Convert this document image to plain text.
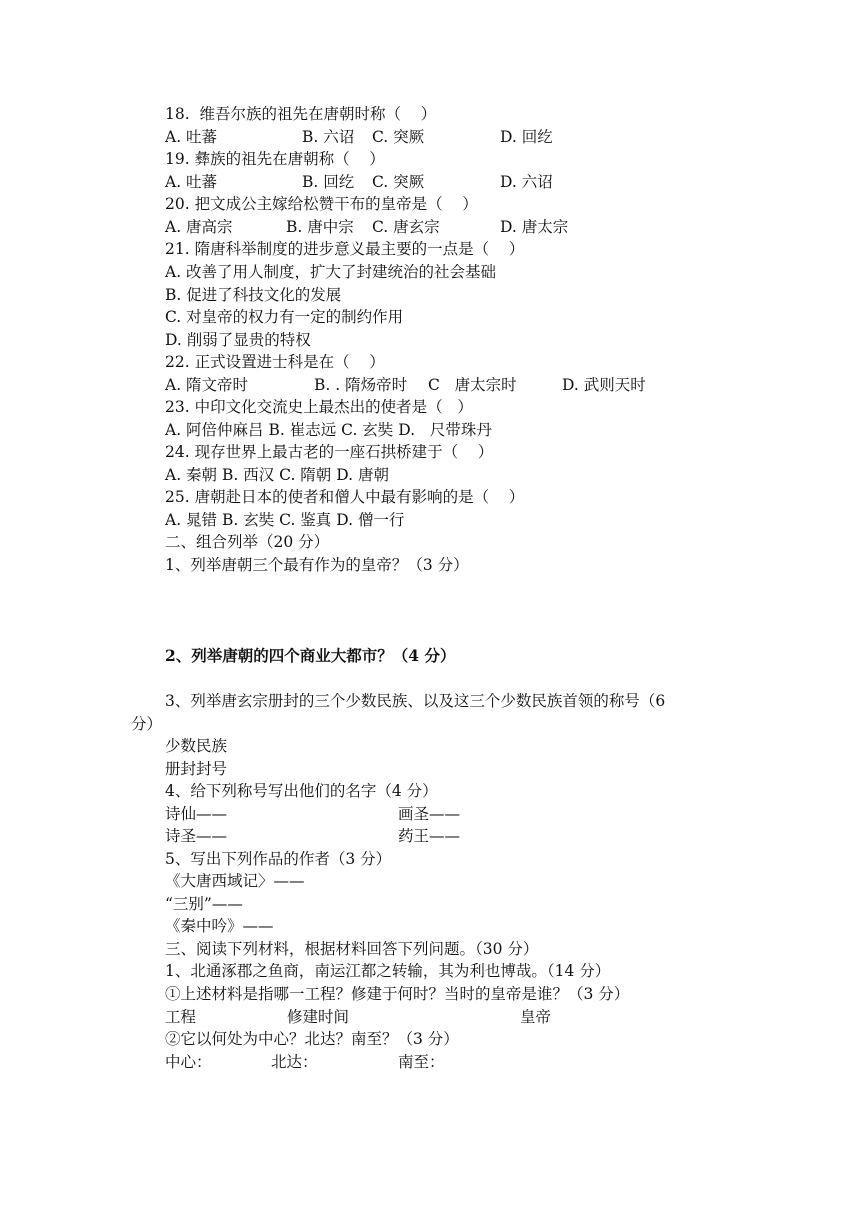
18.  维吾尔族的祖先在唐朝时称（    ）
A. 吐蕃	B. 六诏 C. 突厥	D. 回纥
19. 彝族的祖先在唐朝称（    ）
A. 吐蕃	B. 回纥 C. 突厥	D. 六诏
20. 把文成公主嫁给松赞干布的皇帝是（    ）
A. 唐高宗	B. 唐中宗 C. 唐玄宗	D. 唐太宗
21. 隋唐科举制度的进步意义最主要的一点是（    ）
A. 改善了用人制度，扩大了封建统治的社会基础
B. 促进了科技文化的发展
C. 对皇帝的权力有一定的制约作用
D. 削弱了显贵的特权
22. 正式设置进士科是在（    ）
A. 隋文帝时	B. . 隋炀帝时 C   唐太宗时	D. 武则天时
23. 中印文化交流史上最杰出的使者是（   ）
A. 阿倍仲麻吕 B. 崔志远 C. 玄奘 D.   尺带珠丹
24. 现存世界上最古老的一座石拱桥建于（    ）
A. 秦朝 B. 西汉 C. 隋朝 D. 唐朝
25. 唐朝赴日本的使者和僧人中最有影响的是（    ）
A. 晁错 B. 玄奘 C. 鉴真 D. 僧一行
二、组合列举（20 分）
1、列举唐朝三个最有作为的皇帝？（3 分）
2、列举唐朝的四个商业大都市？（4 分）
3、列举唐玄宗册封的三个少数民族、以及这三个少数民族首领的称号（6
分）
少数民族
册封封号
4、给下列称号写出他们的名字（4 分）
诗仙——	画圣——
诗圣——	药王——
5、写出下列作品的作者（3 分）
《大唐西域记〉——
“三别”——
《秦中吟》——
三、阅读下列材料，根据材料回答下列问题。（30 分）
1、北通涿郡之鱼商，南运江都之转输，其为利也博哉。（14 分）
①上述材料是指哪一工程？修建于何时？当时的皇帝是谁？（3 分）
工程	修建时间	皇帝
②它以何处为中心？北达？南至？（3 分）
中心：	北达：	南至：
